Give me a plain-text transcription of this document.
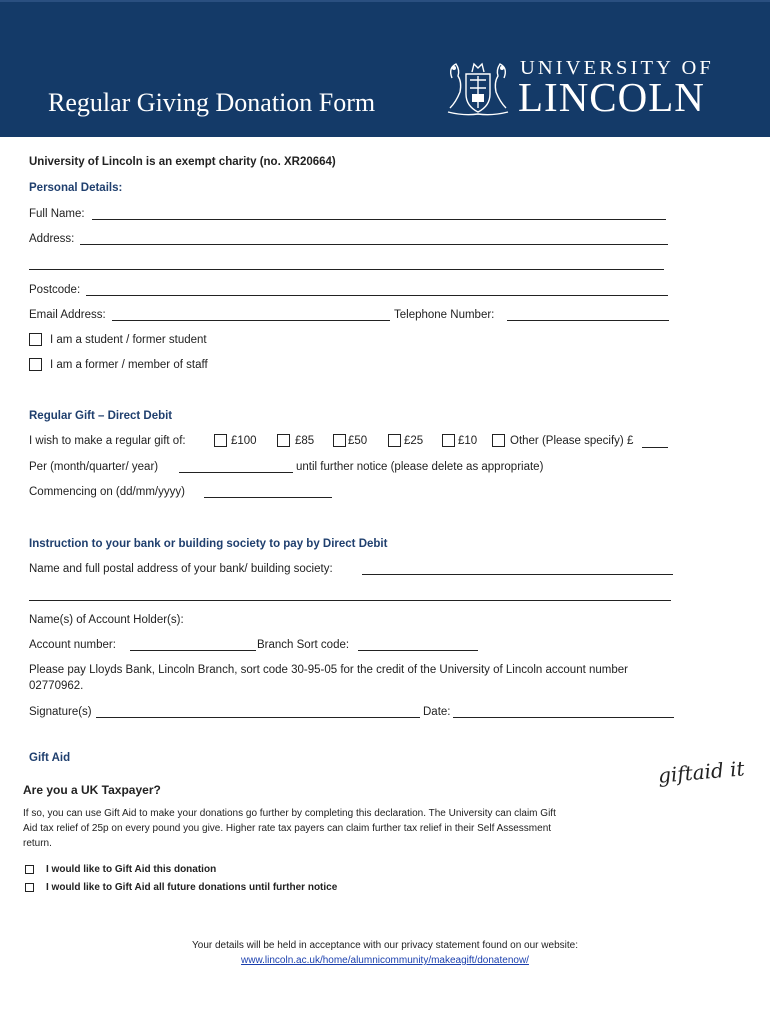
Regular Giving Donation Form
UNIVERSITY OF
LINCOLN
University of Lincoln is an exempt charity (no. XR20664)
Personal Details:
Full Name:
Address:
Postcode:
Email Address:	Telephone Number:
I am a student / former student
I am a former / member of staff
Regular Gift – Direct Debit
I wish to make a regular gift of:	£100	£85	£50	£25	£10	Other (Please specify) £
Per (month/quarter/ year)	until further notice (please delete as appropriate)
Commencing on (dd/mm/yyyy)
Instruction to your bank or building society to pay by Direct Debit
Name and full postal address of your bank/ building society:
Name(s) of Account Holder(s):
Account number:	Branch Sort code:
Please pay Lloyds Bank, Lincoln Branch, sort code 30-95-05 for the credit of the University of Lincoln account number
02770962.
Signature(s)	Date:
Gift Aid	giftaid it
Are you a UK Taxpayer?
If so, you can use Gift Aid to make your donations go further by completing this declaration. The University can claim Gift
Aid tax relief of 25p on every pound you give. Higher rate tax payers can claim further tax relief in their Self Assessment
return.
I would like to Gift Aid this donation
I would like to Gift Aid all future donations until further notice
Your details will be held in acceptance with our privacy statement found on our website:
www.lincoln.ac.uk/home/alumnicommunity/makeagift/donatenow/
